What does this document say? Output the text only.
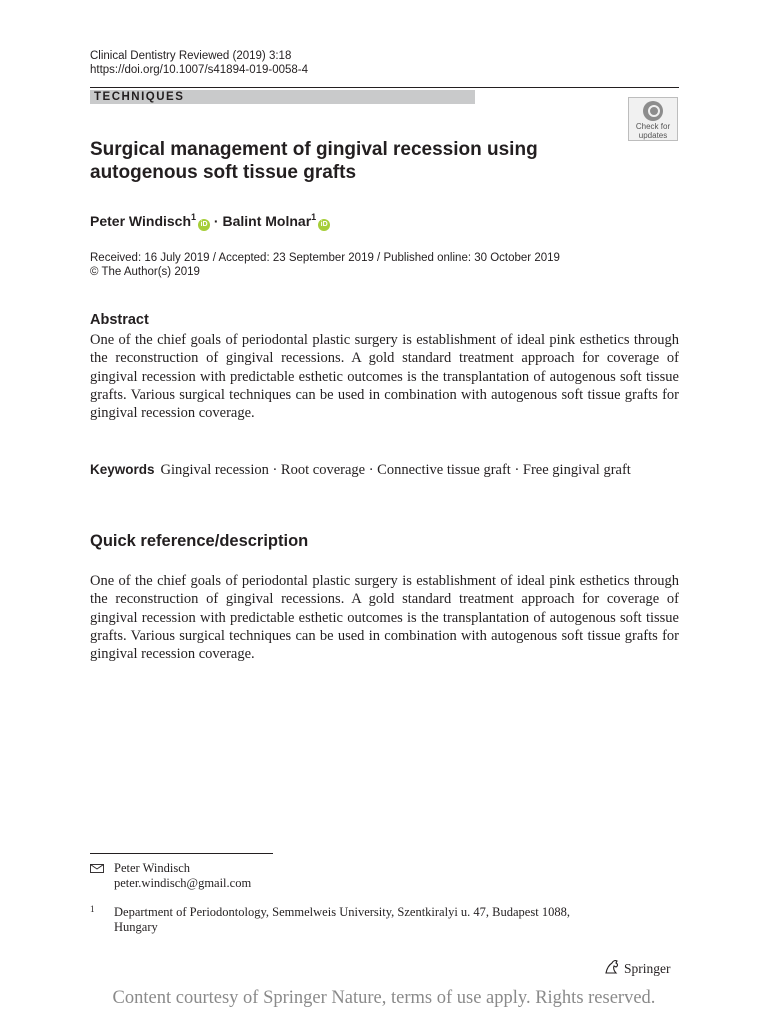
Clinical Dentistry Reviewed (2019) 3:18
https://doi.org/10.1007/s41894-019-0058-4
TECHNIQUES
Check for
updates
Surgical management of gingival recession using autogenous soft tissue grafts
Peter Windisch$^1$iD · Balint Molnar$^1$iD
Received: 16 July 2019 / Accepted: 23 September 2019 / Published online: 30 October 2019
© The Author(s) 2019
Abstract

One of the chief goals of periodontal plastic surgery is establishment of ideal pink esthetics through the reconstruction of gingival recessions. A gold standard treatment approach for coverage of gingival recession with predictable esthetic outcomes is the transplantation of autogenous soft tissue grafts. Various surgical techniques can be used in combination with autogenous soft tissue grafts for gingival recession coverage.

Keywords Gingival recession · Root coverage · Connective tissue graft · Free gingival graft

Quick reference/description

One of the chief goals of periodontal plastic surgery is establishment of ideal pink esthetics through the reconstruction of gingival recessions. A gold standard treatment approach for coverage of gingival recession with predictable esthetic outcomes is the transplantation of autogenous soft tissue grafts. Various surgical techniques can be used in combination with autogenous soft tissue grafts for gingival recession coverage.

Peter Windisch
peter.windisch@gmail.com
1 Department of Periodontology, Semmelweis University, Szentkiralyi u. 47, Budapest 1088,
Hungary
Springer
Content courtesy of Springer Nature, terms of use apply. Rights reserved.
